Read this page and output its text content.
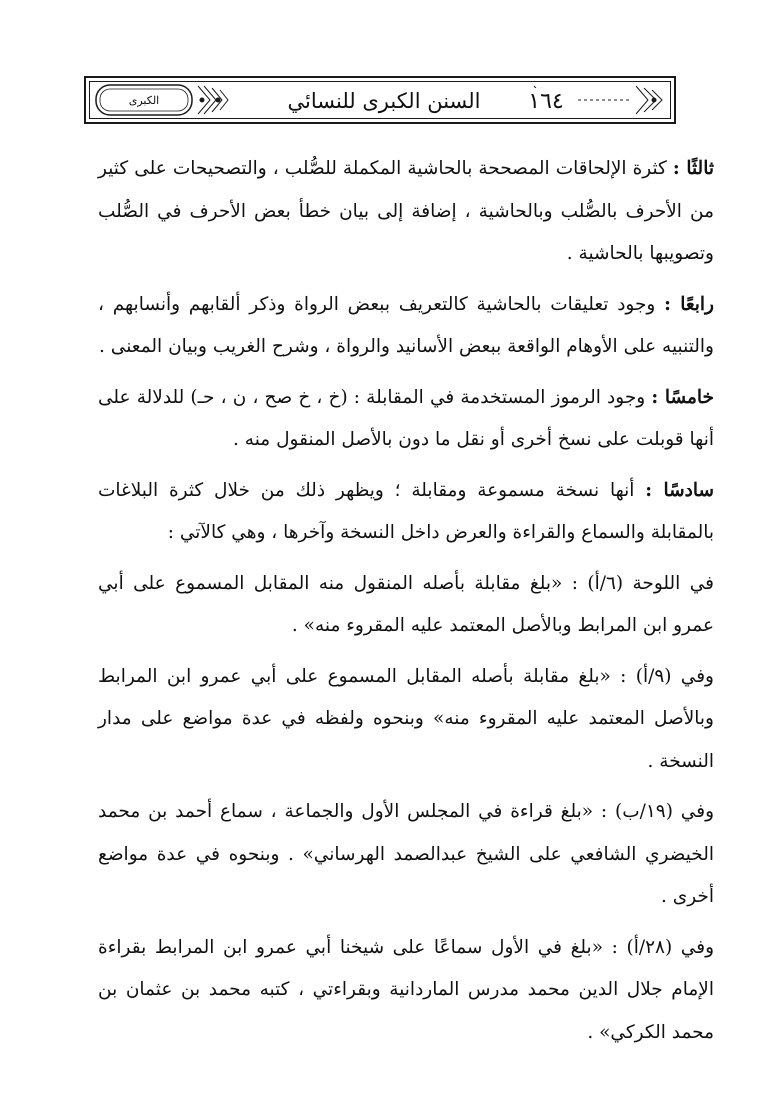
الكبرى	السنن الكبرى للنسائي	١٦٤

ثالثًا : كثرة الإلحاقات المصححة بالحاشية المكملة للصُّلب ، والتصحيحات على كثير من الأحرف بالصُّلب وبالحاشية ، إضافة إلى بيان خطأ بعض الأحرف في الصُّلب وتصويبها بالحاشية .

رابعًا : وجود تعليقات بالحاشية كالتعريف ببعض الرواة وذكر ألقابهم وأنسابهم ، والتنبيه على الأوهام الواقعة ببعض الأسانيد والرواة ، وشرح الغريب وبيان المعنى .

خامسًا : وجود الرموز المستخدمة في المقابلة : (خ ، خ صح ، ن ، حـ) للدلالة على أنها قوبلت على نسخ أخرى أو نقل ما دون بالأصل المنقول منه .

سادسًا : أنها نسخة مسموعة ومقابلة ؛ ويظهر ذلك من خلال كثرة البلاغات بالمقابلة والسماع والقراءة والعرض داخل النسخة وآخرها ، وهي كالآتي :

في اللوحة (٦/أ) : «بلغ مقابلة بأصله المنقول منه المقابل المسموع على أبي عمرو ابن المرابط وبالأصل المعتمد عليه المقروء منه» .

وفي (٩/أ) : «بلغ مقابلة بأصله المقابل المسموع على أبي عمرو ابن المرابط وبالأصل المعتمد عليه المقروء منه» وبنحوه ولفظه في عدة مواضع على مدار النسخة .

وفي (١٩/ب) : «بلغ قراءة في المجلس الأول والجماعة ، سماع أحمد بن محمد الخيضري الشافعي على الشيخ عبدالصمد الهرساني» . وبنحوه في عدة مواضع أخرى .

وفي (٢٨/أ) : «بلغ في الأول سماعًا على شيخنا أبي عمرو ابن المرابط بقراءة الإمام جلال الدين محمد مدرس الماردانية وبقراءتي ، كتبه محمد بن عثمان بن محمد الكركي» .
